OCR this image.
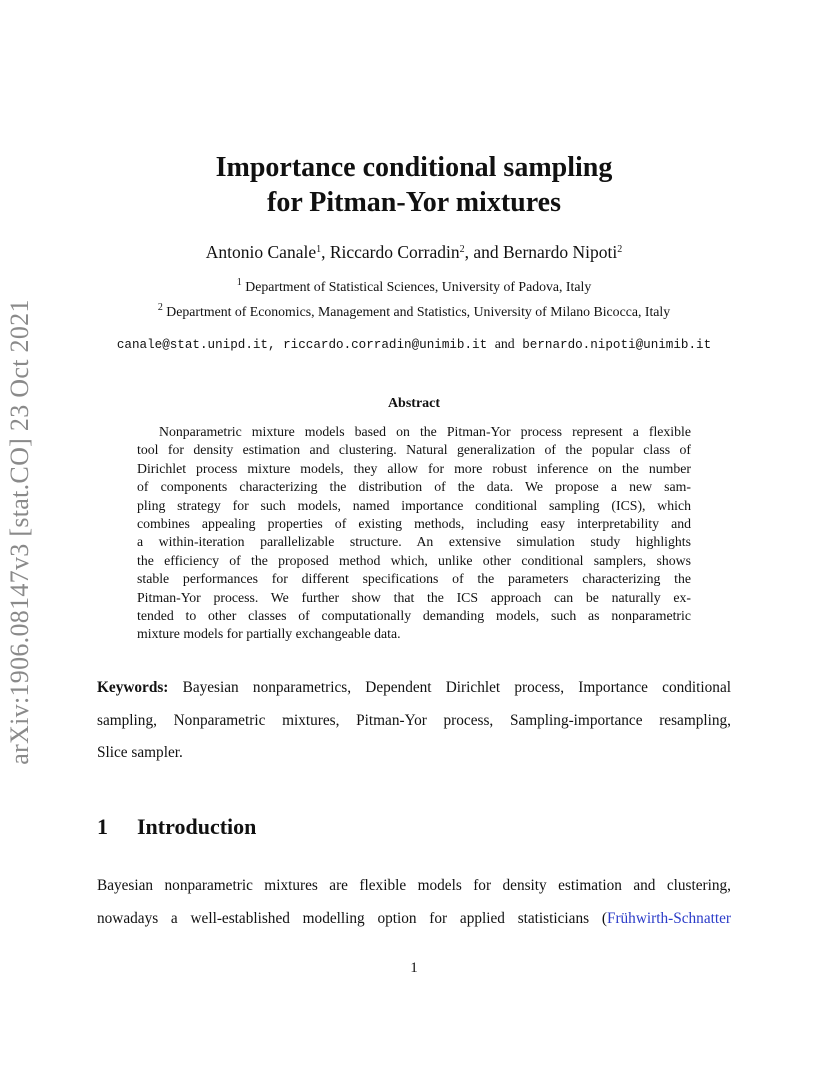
arXiv:1906.08147v3 [stat.CO] 23 Oct 2021
Importance conditional sampling
for Pitman-Yor mixtures
Antonio Canale$^1$, Riccardo Corradin$^2$, and Bernardo Nipoti$^2$
$^1$ Department of Statistical Sciences, University of Padova, Italy
$^2$ Department of Economics, Management and Statistics, University of Milano Bicocca, Italy
canale@stat.unipd.it, riccardo.corradin@unimib.it and bernardo.nipoti@unimib.it
Abstract
Nonparametric mixture models based on the Pitman-Yor process represent a flexible
tool for density estimation and clustering. Natural generalization of the popular class of
Dirichlet process mixture models, they allow for more robust inference on the number
of components characterizing the distribution of the data. We propose a new sam-
pling strategy for such models, named importance conditional sampling (ICS), which
combines appealing properties of existing methods, including easy interpretability and
a within-iteration parallelizable structure. An extensive simulation study highlights
the efficiency of the proposed method which, unlike other conditional samplers, shows
stable performances for different specifications of the parameters characterizing the
Pitman-Yor process. We further show that the ICS approach can be naturally ex-
tended to other classes of computationally demanding models, such as nonparametric
mixture models for partially exchangeable data.
Keywords: Bayesian nonparametrics, Dependent Dirichlet process, Importance conditional
sampling, Nonparametric mixtures, Pitman-Yor process, Sampling-importance resampling,
Slice sampler.
1 Introduction
Bayesian nonparametric mixtures are flexible models for density estimation and clustering,
nowadays a well-established modelling option for applied statisticians (Frühwirth-Schnatter
1
